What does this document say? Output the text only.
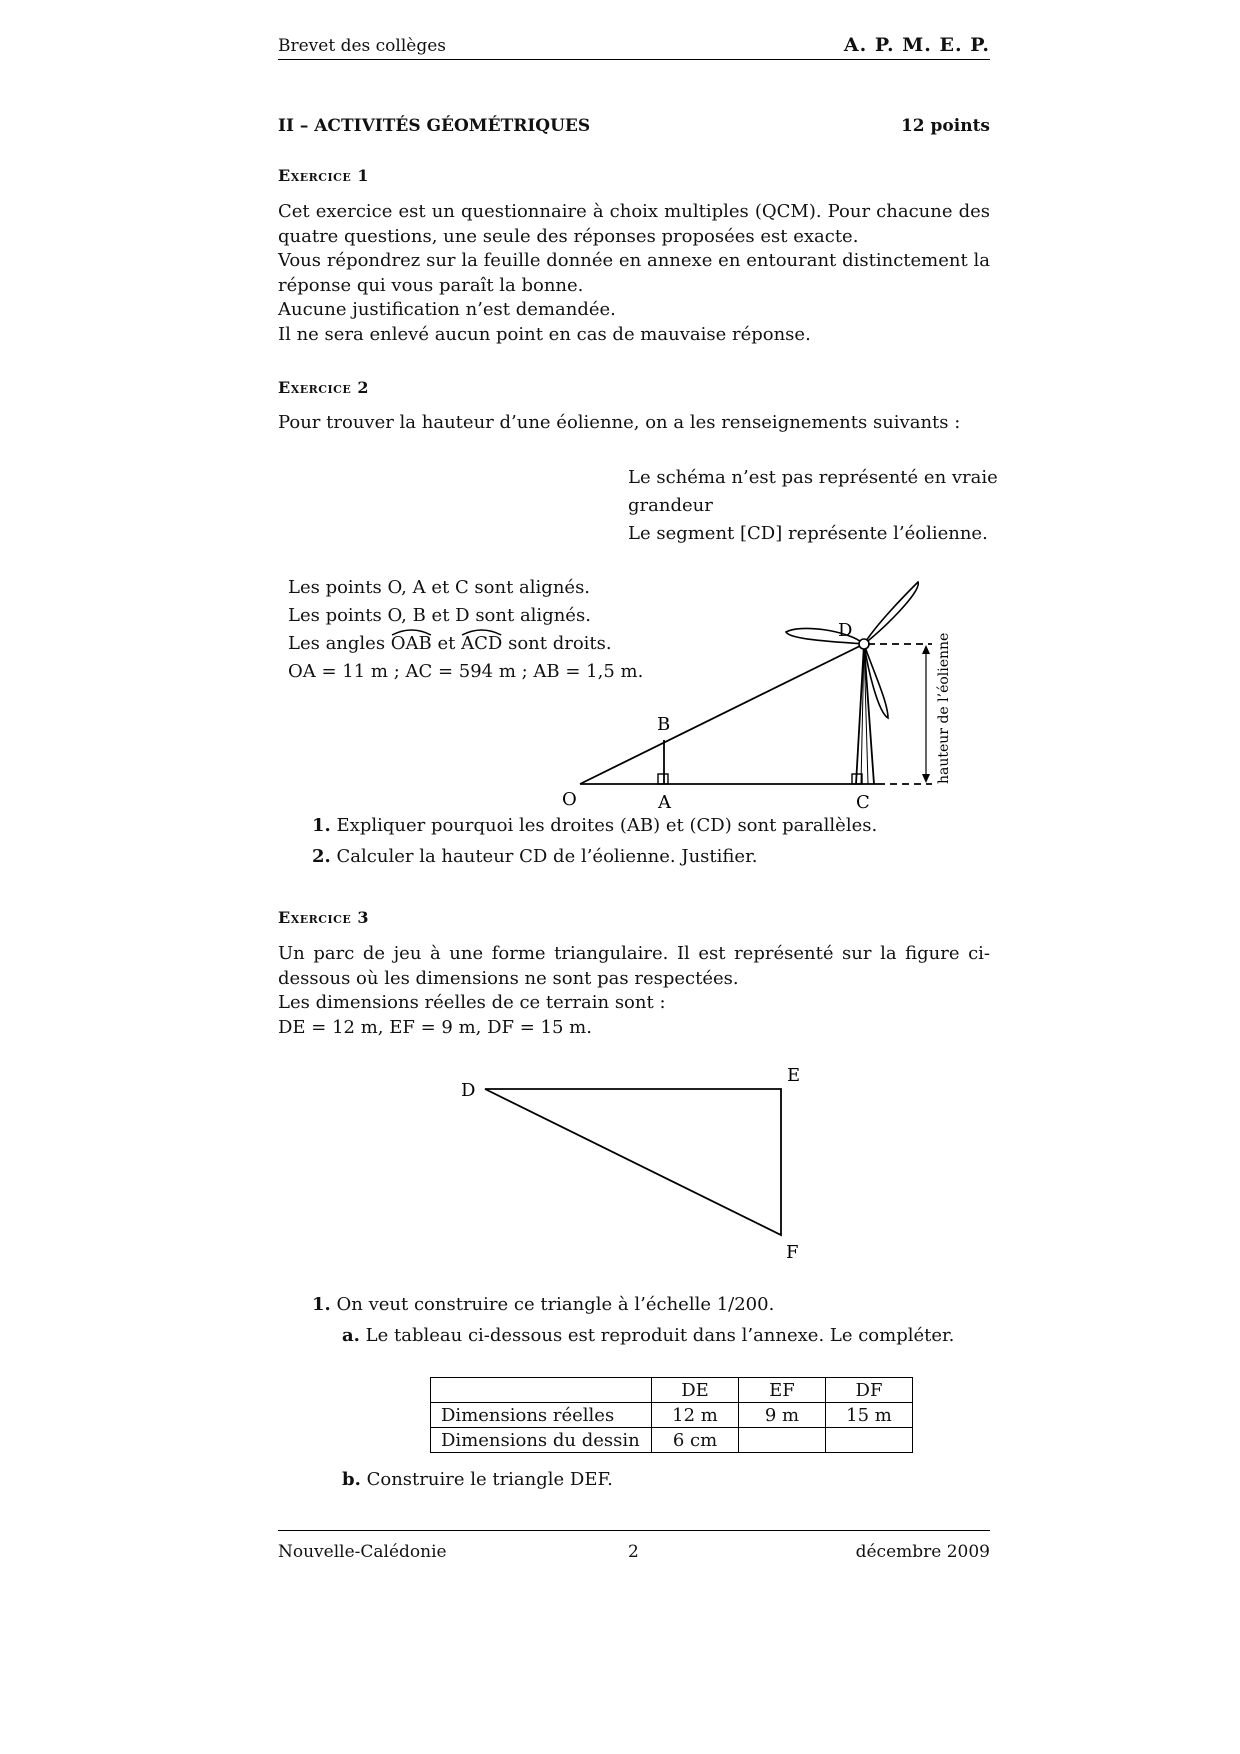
Brevet des collèges	A. P. M. E. P.
II – ACTIVITÉS GÉOMÉTRIQUES	12 points
Exercice 1

Cet exercice est un questionnaire à choix multiples (QCM). Pour chacune des quatre questions, une seule des réponses proposées est exacte.

Vous répondrez sur la feuille donnée en annexe en entourant distinctement la réponse qui vous paraît la bonne.

Aucune justification n’est demandée.

Il ne sera enlevé aucun point en cas de mauvaise réponse.

Exercice 2
Pour trouver la hauteur d’une éolienne, on a les renseignements suivants :
Le schéma n’est pas représenté en vraie
grandeur
Le segment [CD] représente l’éolienne.
Les points O, A et C sont alignés.
Les points O, B et D sont alignés.
Les angles OAB et ACD sont droits.
OA = 11 m ; AC = 594 m ; AB = 1,5 m.
O	A
B
C
D
hauteur de l’éolienne
1. Expliquer pourquoi les droites (AB) et (CD) sont parallèles.
2. Calculer la hauteur CD de l’éolienne. Justifier.
Exercice 3

Un parc de jeu à une forme triangulaire. Il est représenté sur la figure ci-dessous où les dimensions ne sont pas respectées.

Les dimensions réelles de ce terrain sont :

DE = 12 m, EF = 9 m, DF = 15 m.

D
E
F
1. On veut construire ce triangle à l’échelle 1/200.
a. Le tableau ci-dessous est reproduit dans l’annexe. Le compléter.
	DE	EF	DF
Dimensions réelles	12 m	9 m	15 m
Dimensions du dessin	6 cm		
b. Construire le triangle DEF.
Nouvelle-Calédonie	2	décembre 2009
